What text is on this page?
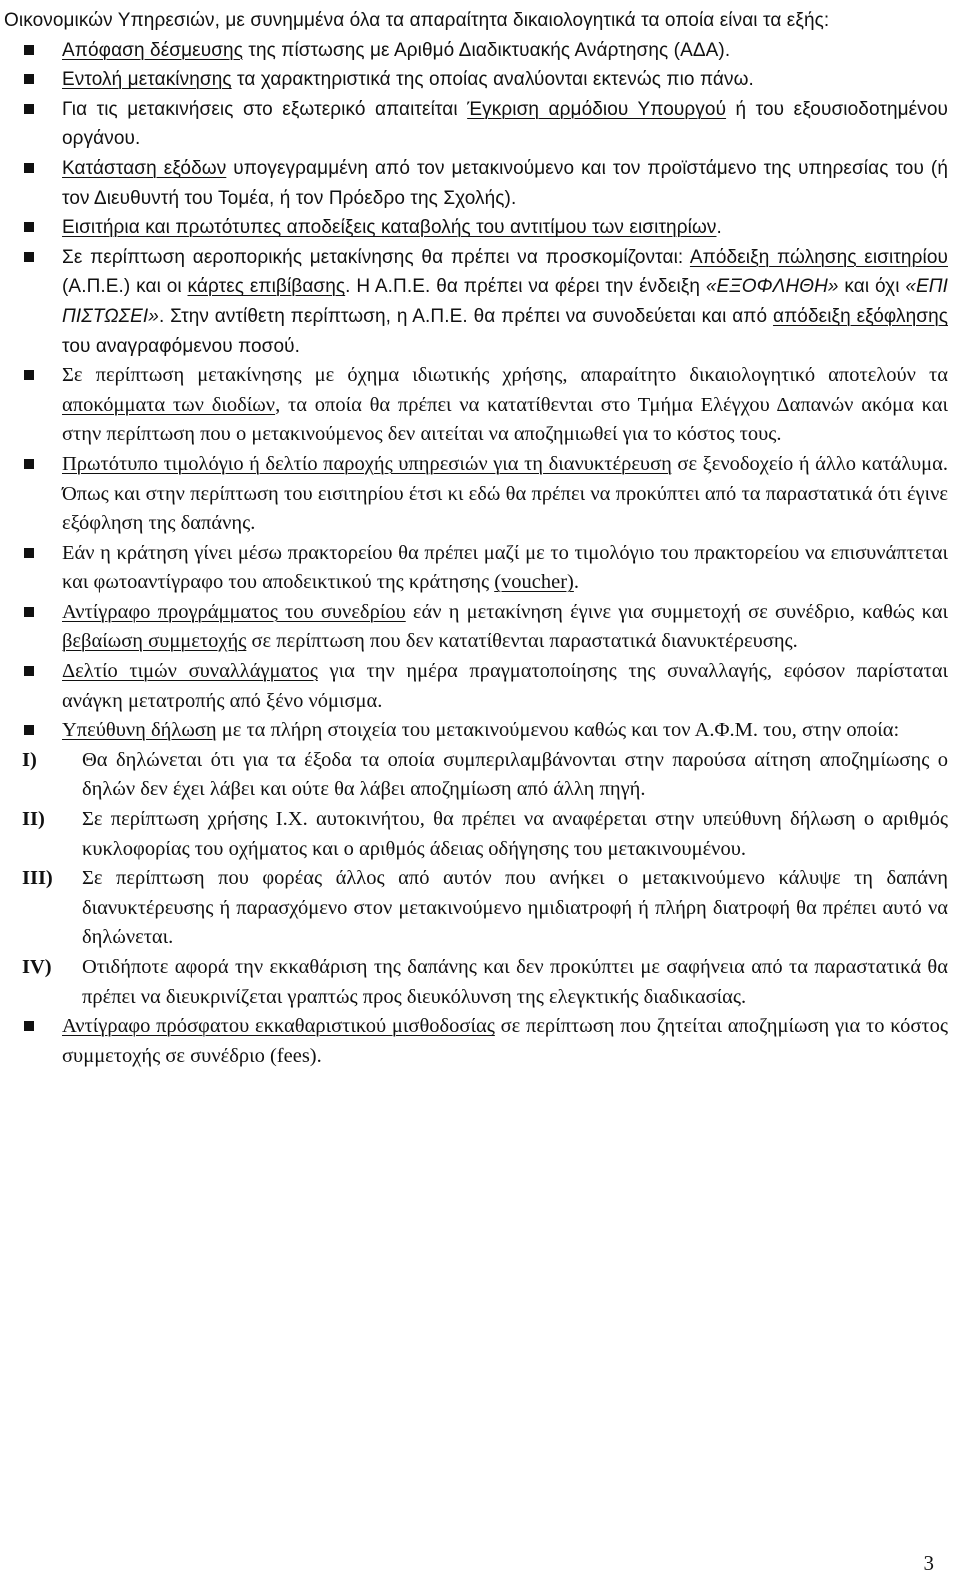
Οικονομικών Υπηρεσιών, με συνημμένα όλα τα απαραίτητα δικαιολογητικά τα οποία είναι τα εξής:

Απόφαση δέσμευσης της πίστωσης με Αριθμό Διαδικτυακής Ανάρτησης (ΑΔΑ).
Εντολή μετακίνησης τα χαρακτηριστικά της οποίας αναλύονται εκτενώς πιο πάνω.
Για τις μετακινήσεις στο εξωτερικό απαιτείται Έγκριση αρμόδιου Υπουργού ή του εξουσιοδοτημένου οργάνου.
Κατάσταση εξόδων υπογεγραμμένη από τον μετακινούμενο και τον προϊστάμενο της υπηρεσίας του (ή τον Διευθυντή του Τομέα, ή τον Πρόεδρο της Σχολής).
Εισιτήρια και πρωτότυπες αποδείξεις καταβολής του αντιτίμου των εισιτηρίων.
Σε περίπτωση αεροπορικής μετακίνησης θα πρέπει να προσκομίζονται: Απόδειξη πώλησης εισιτηρίου (Α.Π.Ε.) και οι κάρτες επιβίβασης. Η Α.Π.Ε. θα πρέπει να φέρει την ένδειξη «ΕΞΟΦΛΗΘΗ» και όχι «ΕΠΙ ΠΙΣΤΩΣΕΙ». Στην αντίθετη περίπτωση, η Α.Π.Ε. θα πρέπει να συνοδεύεται και από απόδειξη εξόφλησης του αναγραφόμενου ποσού.
Σε περίπτωση μετακίνησης με όχημα ιδιωτικής χρήσης, απαραίτητο δικαιολογητικό αποτελούν τα αποκόμματα των διοδίων, τα οποία θα πρέπει να κατατίθενται στο Τμήμα Ελέγχου Δαπανών ακόμα και στην περίπτωση που ο μετακινούμενος δεν αιτείται να αποζημιωθεί για το κόστος τους.
Πρωτότυπο τιμολόγιο ή δελτίο παροχής υπηρεσιών για τη διανυκτέρευση σε ξενοδοχείο ή άλλο κατάλυμα. Όπως και στην περίπτωση του εισιτηρίου έτσι κι εδώ θα πρέπει να προκύπτει από τα παραστατικά ότι έγινε εξόφληση της δαπάνης.
Εάν η κράτηση γίνει μέσω πρακτορείου θα πρέπει μαζί με το τιμολόγιο του πρακτορείου να επισυνάπτεται και φωτοαντίγραφο του αποδεικτικού της κράτησης (voucher).
Αντίγραφο προγράμματος του συνεδρίου εάν η μετακίνηση έγινε για συμμετοχή σε συνέδριο, καθώς και βεβαίωση συμμετοχής σε περίπτωση που δεν κατατίθενται παραστατικά διανυκτέρευσης.
Δελτίο τιμών συναλλάγματος για την ημέρα πραγματοποίησης της συναλλαγής, εφόσον παρίσταται ανάγκη μετατροπής από ξένο νόμισμα.
Υπεύθυνη δήλωση με τα πλήρη στοιχεία του μετακινούμενου καθώς και τον Α.Φ.Μ. του, στην οποία:
I) Θα δηλώνεται ότι για τα έξοδα τα οποία συμπεριλαμβάνονται στην παρούσα αίτηση αποζημίωσης ο δηλών δεν έχει λάβει και ούτε θα λάβει αποζημίωση από άλλη πηγή.
II) Σε περίπτωση χρήσης Ι.Χ. αυτοκινήτου, θα πρέπει να αναφέρεται στην υπεύθυνη δήλωση ο αριθμός κυκλοφορίας του οχήματος και ο αριθμός άδειας οδήγησης του μετακινουμένου.
III) Σε περίπτωση που φορέας άλλος από αυτόν που ανήκει ο μετακινούμενο κάλυψε τη δαπάνη διανυκτέρευσης ή παρασχόμενο στον μετακινούμενο ημιδιατροφή ή πλήρη διατροφή θα πρέπει αυτό να δηλώνεται.
IV) Οτιδήποτε αφορά την εκκαθάριση της δαπάνης και δεν προκύπτει με σαφήνεια από τα παραστατικά θα πρέπει να διευκρινίζεται γραπτώς προς διευκόλυνση της ελεγκτικής διαδικασίας.
Αντίγραφο πρόσφατου εκκαθαριστικού μισθοδοσίας σε περίπτωση που ζητείται αποζημίωση για το κόστος συμμετοχής σε συνέδριο (fees).
3
